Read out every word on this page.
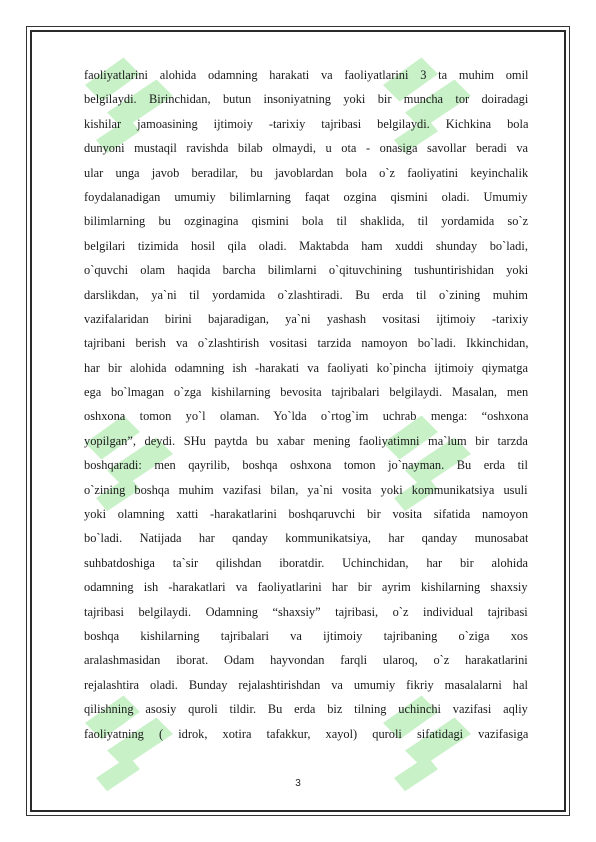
faoliyatlarini alohida odamning harakati va faoliyatlarini 3 ta muhim omil
belgilaydi. Birinchidan, butun insoniyatning yoki bir muncha tor doiradagi
kishilar jamoasining ijtimoiy -tarixiy tajribasi belgilaydi. Kichkina bola
dunyoni mustaqil ravishda bilab olmaydi, u ota - onasiga savollar beradi va
ular unga javob beradilar, bu javoblardan bola o`z faoliyatini keyinchalik
foydalanadigan umumiy bilimlarning faqat ozgina qismini oladi. Umumiy
bilimlarning bu ozginagina qismini bola til shaklida, til yordamida so`z
belgilari tizimida hosil qila oladi. Maktabda ham xuddi shunday bo`ladi,
o`quvchi olam haqida barcha bilimlarni o`qituvchining tushuntirishidan yoki
darslikdan, ya`ni til yordamida o`zlashtiradi. Bu erda til o`zining muhim
vazifalaridan birini bajaradigan, ya`ni yashash vositasi ijtimoiy -tarixiy
tajribani berish va o`zlashtirish vositasi tarzida namoyon bo`ladi. Ikkinchidan,
har bir alohida odamning ish -harakati va faoliyati ko`pincha ijtimoiy qiymatga
ega bo`lmagan o`zga kishilarning bevosita tajribalari belgilaydi. Masalan, men
oshxona tomon yo`l olaman. Yo`lda o`rtog`im uchrab menga: “oshxona
yopilgan”, deydi. SHu paytda bu xabar mening faoliyatimni ma`lum bir tarzda
boshqaradi: men qayrilib, boshqa oshxona tomon jo`nayman. Bu erda til
o`zining boshqa muhim vazifasi bilan, ya`ni vosita yoki kommunikatsiya usuli
yoki olamning xatti -harakatlarini boshqaruvchi bir vosita sifatida namoyon
bo`ladi. Natijada har qanday kommunikatsiya, har qanday munosabat
suhbatdoshiga ta`sir qilishdan iboratdir. Uchinchidan, har bir alohida
odamning ish -harakatlari va faoliyatlarini har bir ayrim kishilarning shaxsiy
tajribasi belgilaydi. Odamning “shaxsiy” tajribasi, o`z individual tajribasi
boshqa kishilarning tajribalari va ijtimoiy tajribaning o`ziga xos
aralashmasidan iborat. Odam hayvondan farqli ularoq, o`z harakatlarini
rejalashtira oladi. Bunday rejalashtirishdan va umumiy fikriy masalalarni hal
qilishning asosiy quroli tildir. Bu erda biz tilning uchinchi vazifasi aqliy
faoliyatning ( idrok, xotira tafakkur, xayol) quroli sifatidagi vazifasiga
3
